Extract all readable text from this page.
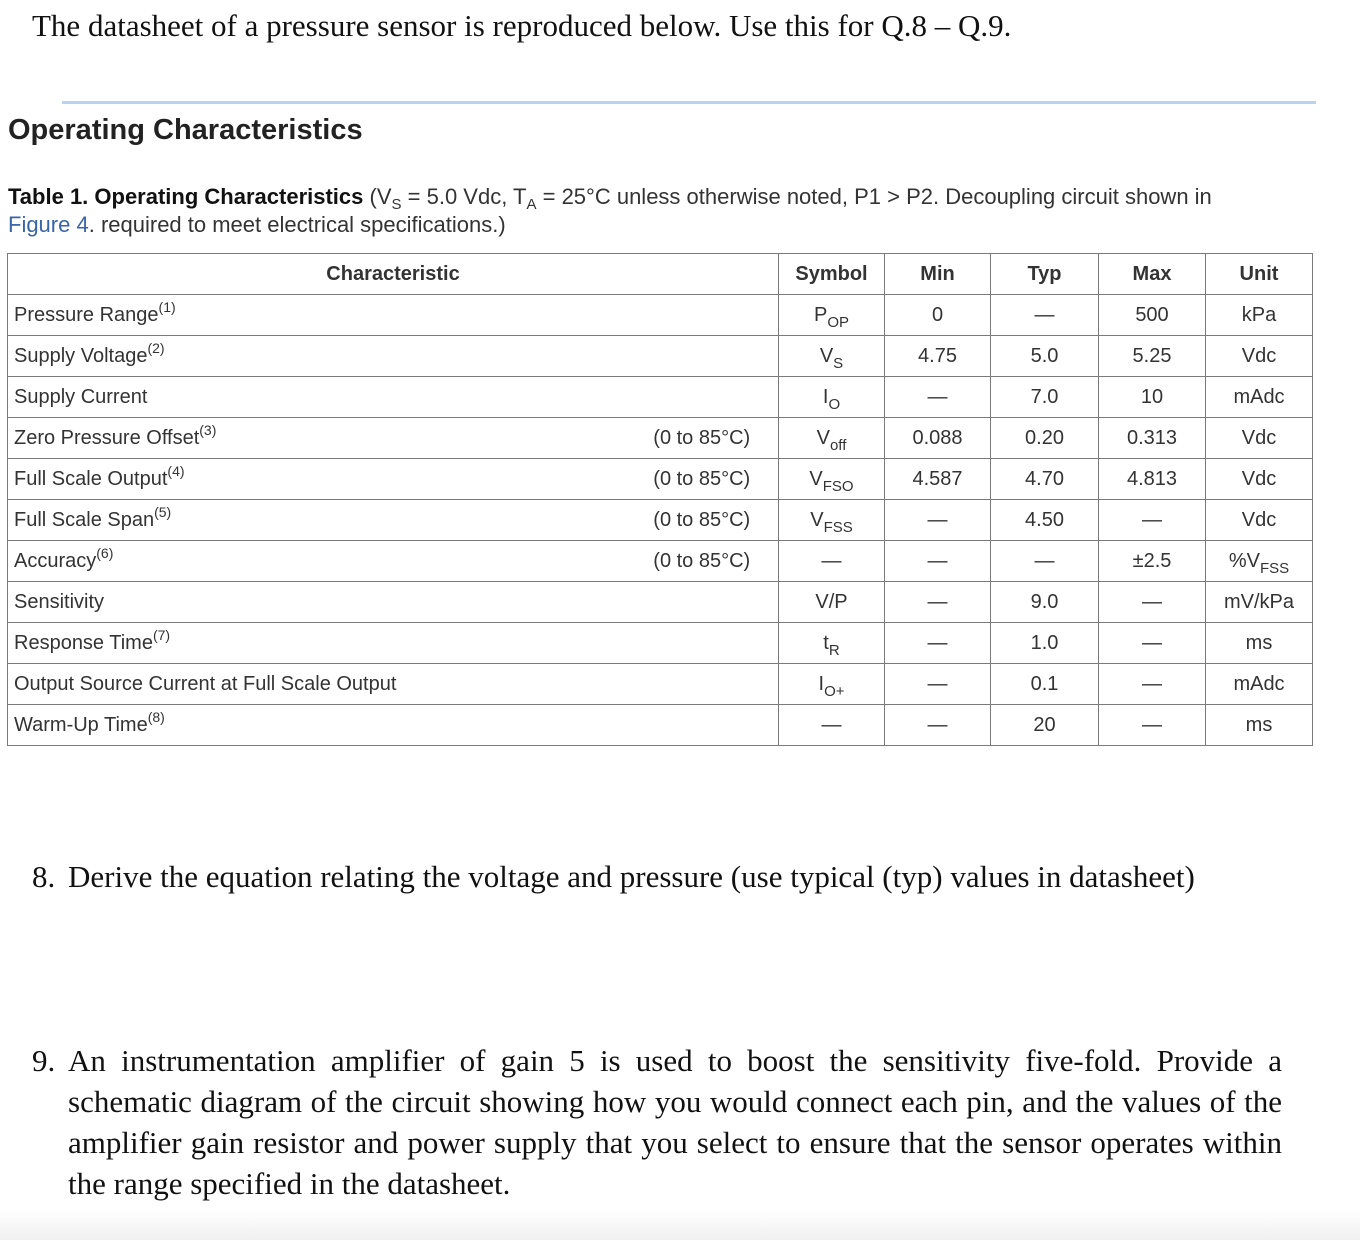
The datasheet of a pressure sensor is reproduced below. Use this for Q.8 – Q.9.

Operating Characteristics
Table 1. Operating Characteristics ($V_S = 5.0$ Vdc, $T_A = 25^\circ C$ unless otherwise noted, P1 > P2. Decoupling circuit shown in
Figure 4. required to meet electrical specifications.)
Characteristic		Symbol	Min	Typ	Max	Unit
Pressure Range$^{(1)}$		$P_{OP}$	0	—	500	kPa
Supply Voltage$^{(2)}$		$V_S$	4.75	5.0	5.25	Vdc
Supply Current		$I_O$	—	7.0	10	mAdc
Zero Pressure Offset$^{(3)}$	(0 to 85°C)	$V_{off}$	0.088	0.20	0.313	Vdc
Full Scale Output$^{(4)}$	(0 to 85°C)	$V_{FSO}$	4.587	4.70	4.813	Vdc
Full Scale Span$^{(5)}$	(0 to 85°C)	$V_{FSS}$	—	4.50	—	Vdc
Accuracy$^{(6)}$	(0 to 85°C)	—	—	—	±2.5	$\%V_{FSS}$
Sensitivity		V/P	—	9.0	—	mV/kPa
Response Time$^{(7)}$		$t_R$	—	1.0	—	ms
Output Source Current at Full Scale Output		$I_{O+}$	—	0.1	—	mAdc
Warm-Up Time$^{(8)}$		—	—	20	—	ms
8. Derive the equation relating the voltage and pressure (use typical (typ) values in datasheet)
9. An instrumentation amplifier of gain 5 is used to boost the sensitivity five-fold. Provide a schematic diagram of the circuit showing how you would connect each pin, and the values of the amplifier gain resistor and power supply that you select to ensure that the sensor operates within the range specified in the datasheet.
